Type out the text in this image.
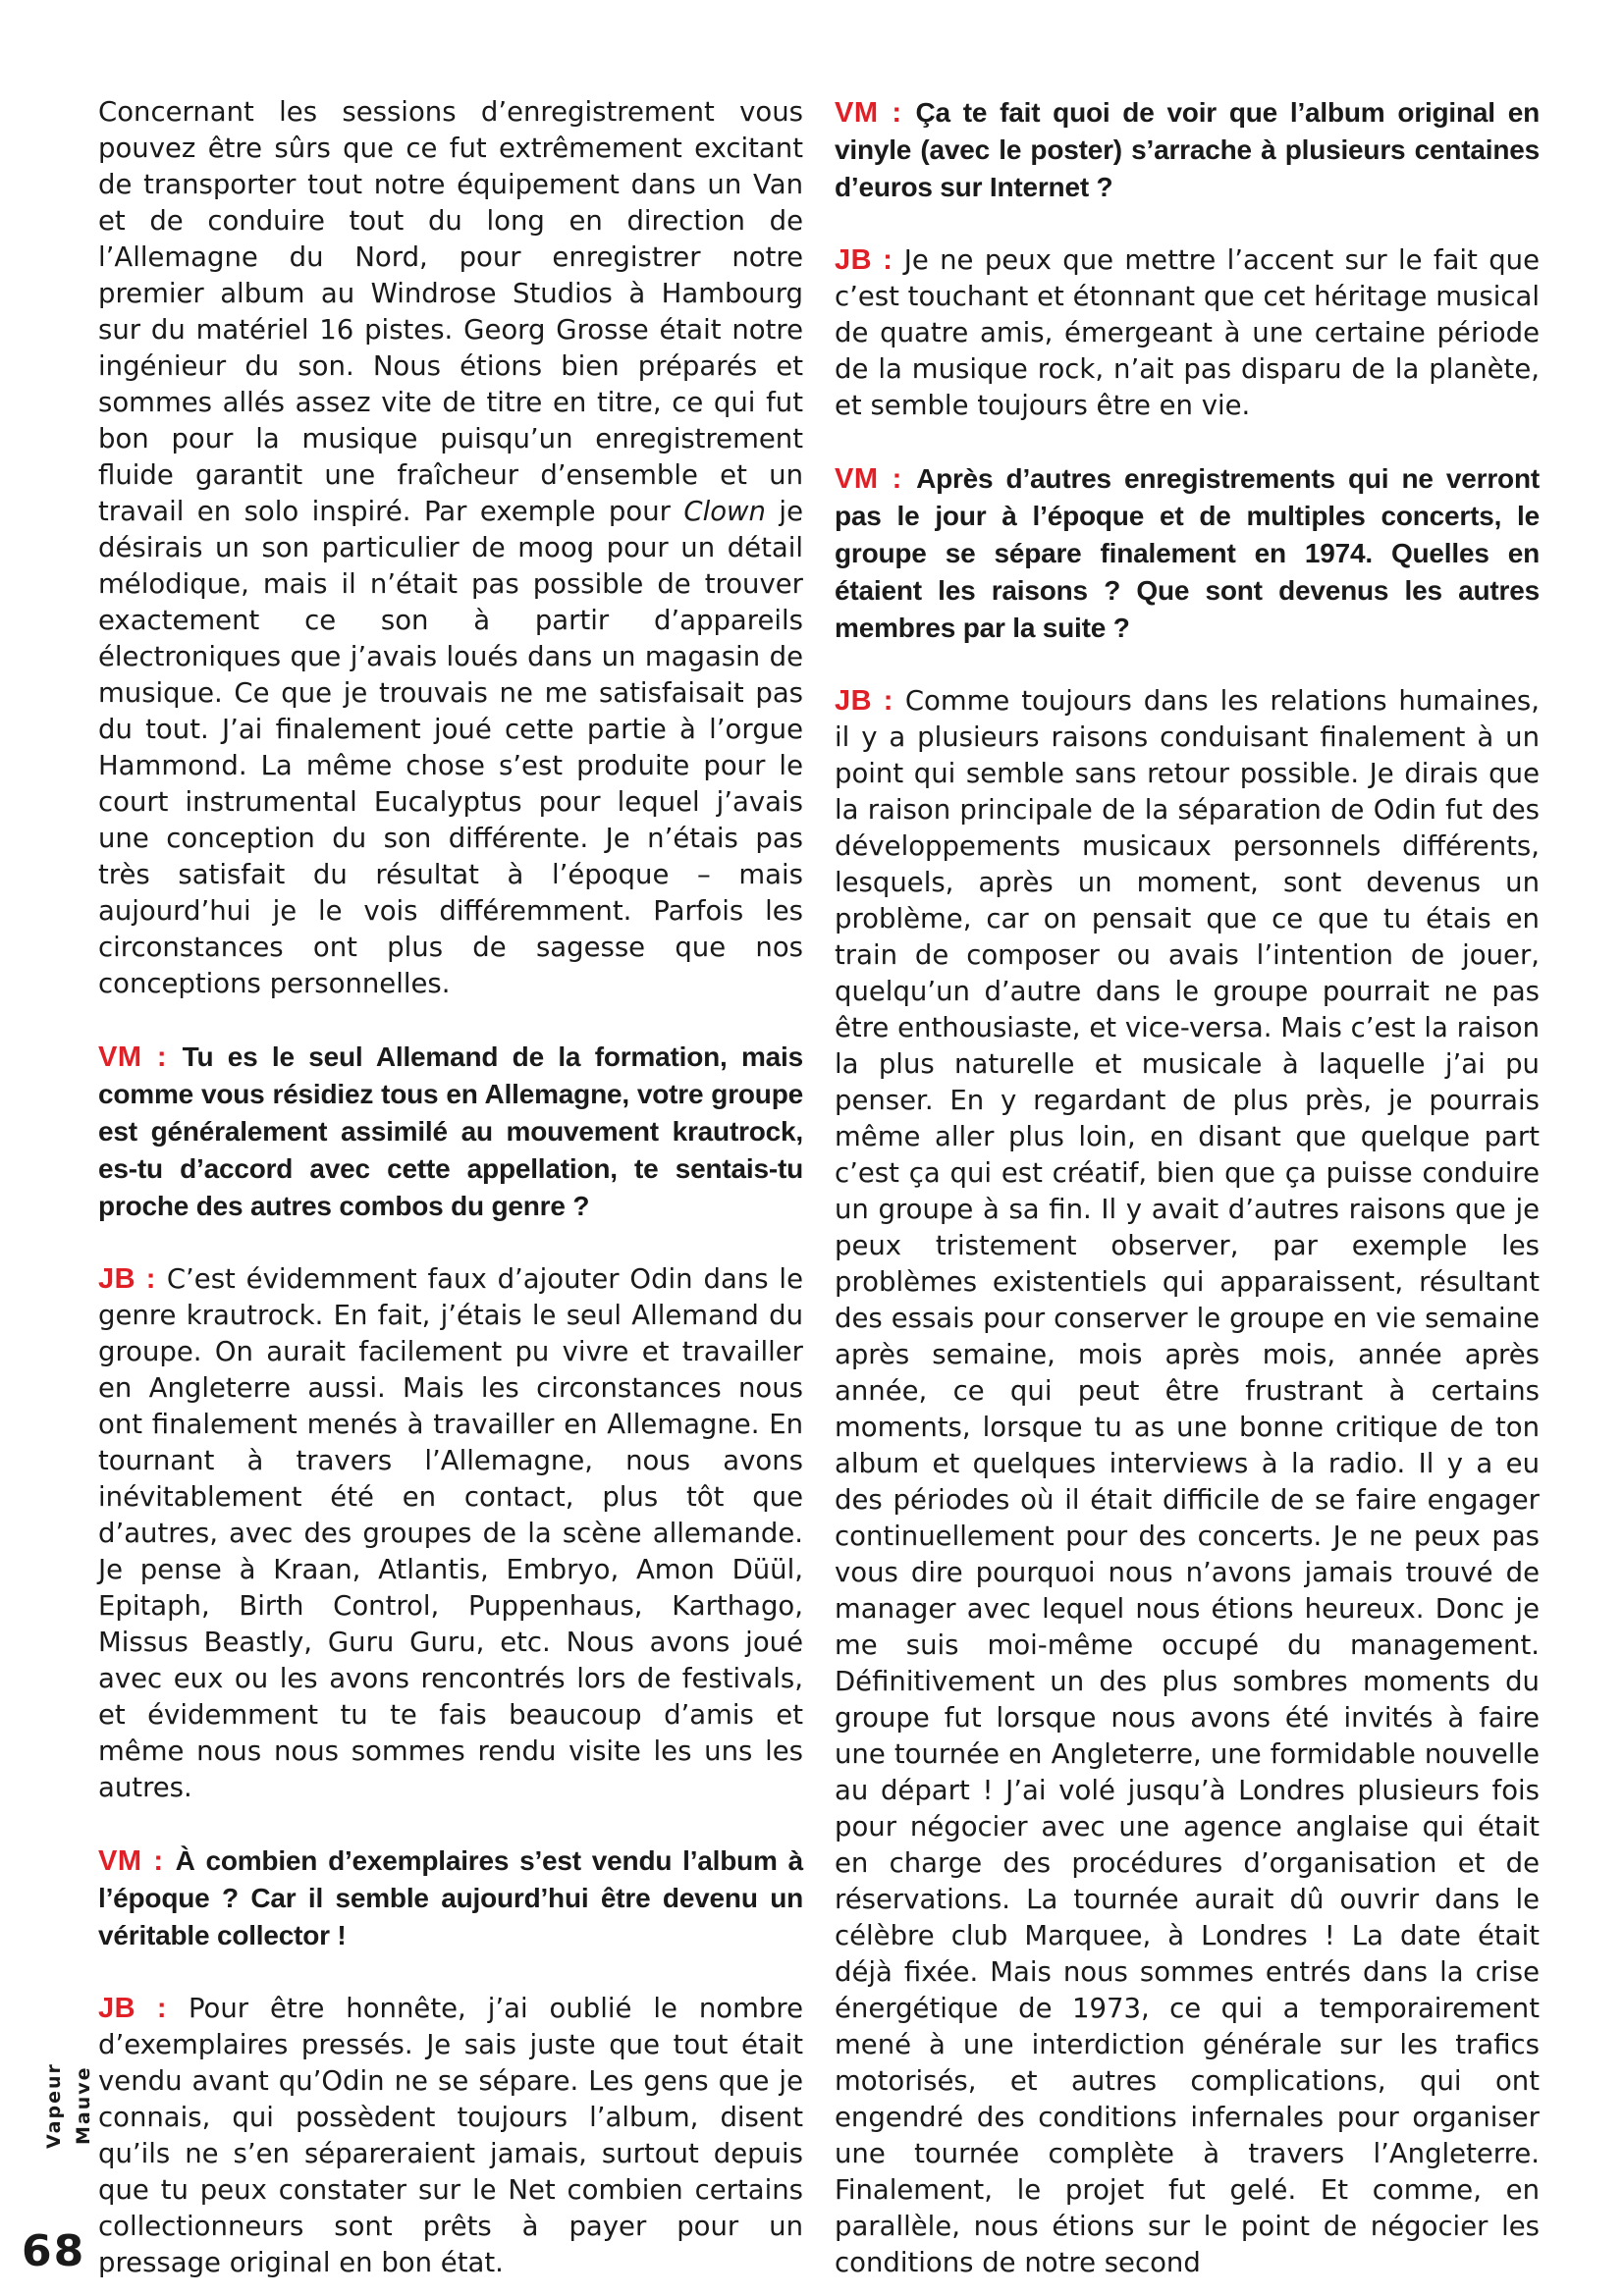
Concernant les sessions d’enregistrement vous pouvez être sûrs que ce fut extrêmement excitant de transporter tout notre équipement dans un Van et de conduire tout du long en direction de l’Allemagne du Nord, pour enregistrer notre premier album au Windrose Studios à Hambourg sur du matériel 16 pistes. Georg Grosse était notre ingénieur du son. Nous étions bien préparés et sommes allés assez vite de titre en titre, ce qui fut bon pour la musique puisqu’un enregistrement fluide garantit une fraîcheur d’ensemble et un travail en solo inspiré. Par exemple pour Clown je désirais un son particulier de moog pour un détail mélodique, mais il n’était pas possible de trouver exactement ce son à partir d’appareils électroniques que j’avais loués dans un magasin de musique. Ce que je trouvais ne me satisfaisait pas du tout. J’ai finalement joué cette partie à l’orgue Hammond. La même chose s’est produite pour le court instrumental Eucalyptus pour lequel j’avais une conception du son différente. Je n’étais pas très satisfait du résultat à l’époque – mais aujourd’hui je le vois différemment. Parfois les circonstances ont plus de sagesse que nos conceptions personnelles.

VM : Tu es le seul Allemand de la formation, mais comme vous résidiez tous en Allemagne, votre groupe est généralement assimilé au mouvement krautrock, es-tu d’accord avec cette appellation, te sentais-tu proche des autres combos du genre ?

JB : C’est évidemment faux d’ajouter Odin dans le genre krautrock. En fait, j’étais le seul Allemand du groupe. On aurait facilement pu vivre et travailler en Angleterre aussi. Mais les circonstances nous ont finalement menés à travailler en Allemagne. En tournant à travers l’Allemagne, nous avons inévitablement été en contact, plus tôt que d’autres, avec des groupes de la scène allemande. Je pense à Kraan, Atlantis, Embryo, Amon Düül, Epitaph, Birth Control, Puppenhaus, Karthago, Missus Beastly, Guru Guru, etc. Nous avons joué avec eux ou les avons rencontrés lors de festivals, et évidemment tu te fais beaucoup d’amis et même nous nous sommes rendu visite les uns les autres.

VM : À combien d’exemplaires s’est vendu l’album à l’époque ? Car il semble aujourd’hui être devenu un véritable collector !

JB : Pour être honnête, j’ai oublié le nombre d’exemplaires pressés. Je sais juste que tout était vendu avant qu’Odin ne se sépare. Les gens que je connais, qui possèdent toujours l’album, disent qu’ils ne s’en sépareraient jamais, surtout depuis que tu peux constater sur le Net combien certains collectionneurs sont prêts à payer pour un pressage original en bon état.

VM : Ça te fait quoi de voir que l’album original en vinyle (avec le poster) s’arrache à plusieurs centaines d’euros sur Internet ?

JB : Je ne peux que mettre l’accent sur le fait que c’est touchant et étonnant que cet héritage musical de quatre amis, émergeant à une certaine période de la musique rock, n’ait pas disparu de la planète, et semble toujours être en vie.

VM : Après d’autres enregistrements qui ne verront pas le jour à l’époque et de multiples concerts, le groupe se sépare finalement en 1974. Quelles en étaient les raisons ? Que sont devenus les autres membres par la suite ?

JB : Comme toujours dans les relations humaines, il y a plusieurs raisons conduisant finalement à un point qui semble sans retour possible. Je dirais que la raison principale de la séparation de Odin fut des développements musicaux personnels différents, lesquels, après un moment, sont devenus un problème, car on pensait que ce que tu étais en train de composer ou avais l’intention de jouer, quelqu’un d’autre dans le groupe pourrait ne pas être enthousiaste, et vice-versa. Mais c’est la raison la plus naturelle et musicale à laquelle j’ai pu penser. En y regardant de plus près, je pourrais même aller plus loin, en disant que quelque part c’est ça qui est créatif, bien que ça puisse conduire un groupe à sa fin. Il y avait d’autres raisons que je peux tristement observer, par exemple les problèmes existentiels qui apparaissent, résultant des essais pour conserver le groupe en vie semaine après semaine, mois après mois, année après année, ce qui peut être frustrant à certains moments, lorsque tu as une bonne critique de ton album et quelques interviews à la radio. Il y a eu des périodes où il était difficile de se faire engager continuellement pour des concerts. Je ne peux pas vous dire pourquoi nous n’avons jamais trouvé de manager avec lequel nous étions heureux. Donc je me suis moi-même occupé du management. Définitivement un des plus sombres moments du groupe fut lorsque nous avons été invités à faire une tournée en Angleterre, une formidable nouvelle au départ ! J’ai volé jusqu’à Londres plusieurs fois pour négocier avec une agence anglaise qui était en charge des procédures d’organisation et de réservations. La tournée aurait dû ouvrir dans le célèbre club Marquee, à Londres ! La date était déjà fixée. Mais nous sommes entrés dans la crise énergétique de 1973, ce qui a temporairement mené à une interdiction générale sur les trafics motorisés, et autres complications, qui ont engendré des conditions infernales pour organiser une tournée complète à travers l’Angleterre. Finalement, le projet fut gelé. Et comme, en parallèle, nous étions sur le point de négocier les conditions de notre second

Vapeur Mauve
68
